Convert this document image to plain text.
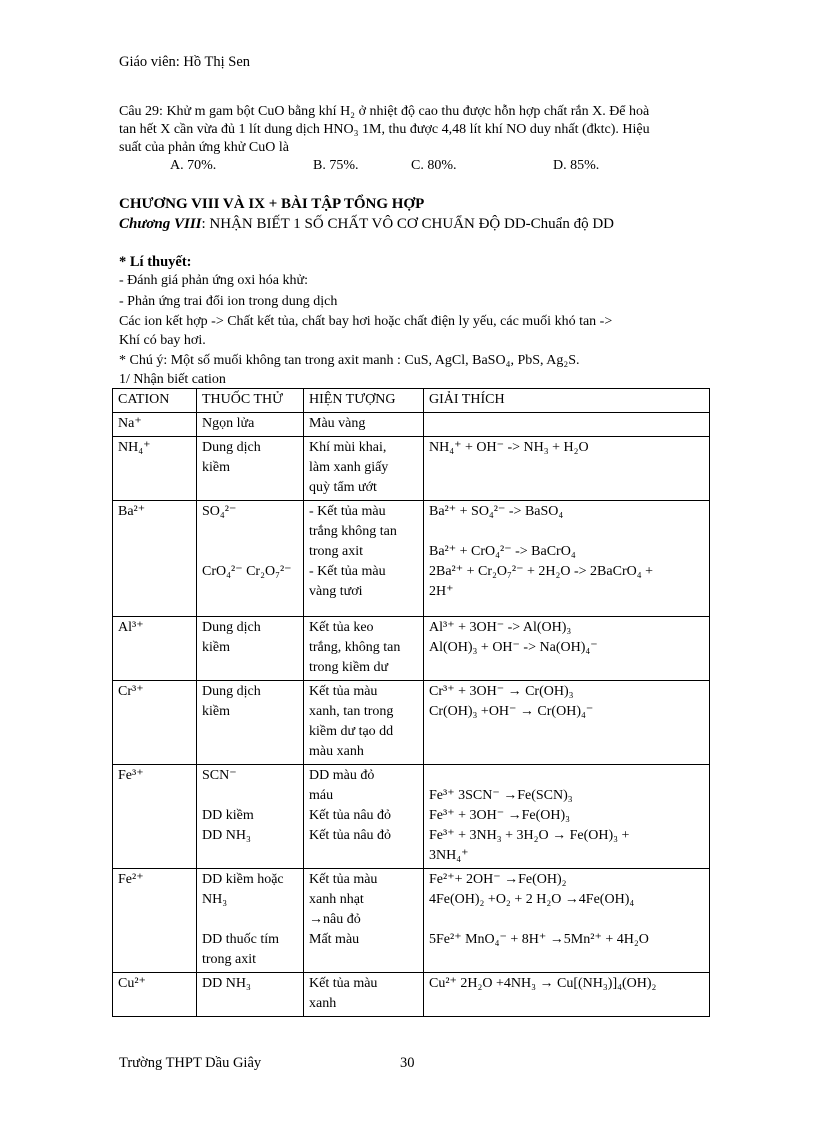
Giáo viên: Hồ Thị Sen
Câu 29: Khử m gam bột CuO bằng khí H₂ ở nhiệt độ cao thu được hỗn hợp chất rắn X. Để hoà
tan hết X cần vừa đủ 1 lít dung dịch HNO₃ 1M, thu được 4,48 lít khí NO duy nhất (đktc). Hiệu
suất của phản ứng khử CuO là
A. 70%.	B. 75%.	C. 80%.	D. 85%.
CHƯƠNG VIII VÀ IX + BÀI TẬP TỔNG HỢP
Chương VIII: NHẬN BIẾT 1 SỐ CHẤT VÔ CƠ CHUẨN ĐỘ DD-Chuẩn độ DD
* Lí thuyết:
- Đánh giá phản ứng oxi hóa khử:
- Phản ứng trai đổi ion trong dung dịch
Các ion kết hợp -> Chất kết tủa, chất bay hơi hoặc chất điện ly yếu, các muối khó tan ->
Khí có bay hơi.
* Chú ý: Một số muối không tan trong axit manh : CuS, AgCl, BaSO₄, PbS, Ag₂S.
1/ Nhận biết cation
CATION	THUỐC THỬ	HIỆN TƯỢNG	GIẢI THÍCH

Na⁺	Ngọn lửa	Màu vàng	

NH₄⁺	Dung dịch
kiềm	Khí mùi khai,
làm xanh giấy
quỳ tẩm ướt	NH₄⁺ + OH⁻ -> NH₃ + H₂O

Ba²⁺	SO₄²⁻

CrO₄²⁻ Cr₂O₇²⁻	- Kết tủa màu
trắng không tan
trong axit
- Kết tủa màu
vàng tươi	Ba²⁺ + SO₄²⁻ -> BaSO₄

Ba²⁺ + CrO₄²⁻ -> BaCrO₄
2Ba²⁺ + Cr₂O₇²⁻ + 2H₂O -> 2BaCrO₄ +
2H⁺

Al³⁺	Dung dịch
kiềm	Kết tủa keo
trắng, không tan
trong kiềm dư	Al³⁺ + 3OH⁻ -> Al(OH)₃
Al(OH)₃ + OH⁻ -> Na(OH)₄⁻

Cr³⁺	Dung dịch
kiềm	Kết tủa màu
xanh, tan trong
kiềm dư tạo dd
màu xanh	Cr³⁺ + 3OH⁻ → Cr(OH)₃
Cr(OH)₃ +OH⁻ → Cr(OH)₄⁻

Fe³⁺	SCN⁻

DD kiềm
DD NH₃	DD màu đỏ
máu
Kết tủa nâu đỏ
Kết tủa nâu đỏ	Fe³⁺ 3SCN⁻ →Fe(SCN)₃
Fe³⁺ + 3OH⁻ →Fe(OH)₃
Fe³⁺ + 3NH₃ + 3H₂O → Fe(OH)₃ +
3NH₄⁺

Fe²⁺	DD kiềm hoặc
NH₃

DD thuốc tím
trong axit	Kết tủa màu
xanh nhạt
→nâu đỏ
Mất màu	Fe²⁺+ 2OH⁻ →Fe(OH)₂
4Fe(OH)₂ +O₂ + 2 H₂O →4Fe(OH)₄

5Fe²⁺ MnO₄⁻ + 8H⁺ →5Mn²⁺ + 4H₂O

Cu²⁺	DD NH₃	Kết tủa màu
xanh	Cu²⁺ 2H₂O +4NH₃ → Cu[(NH₃)]₄(OH)₂
Trường THPT Dầu Giây	30
